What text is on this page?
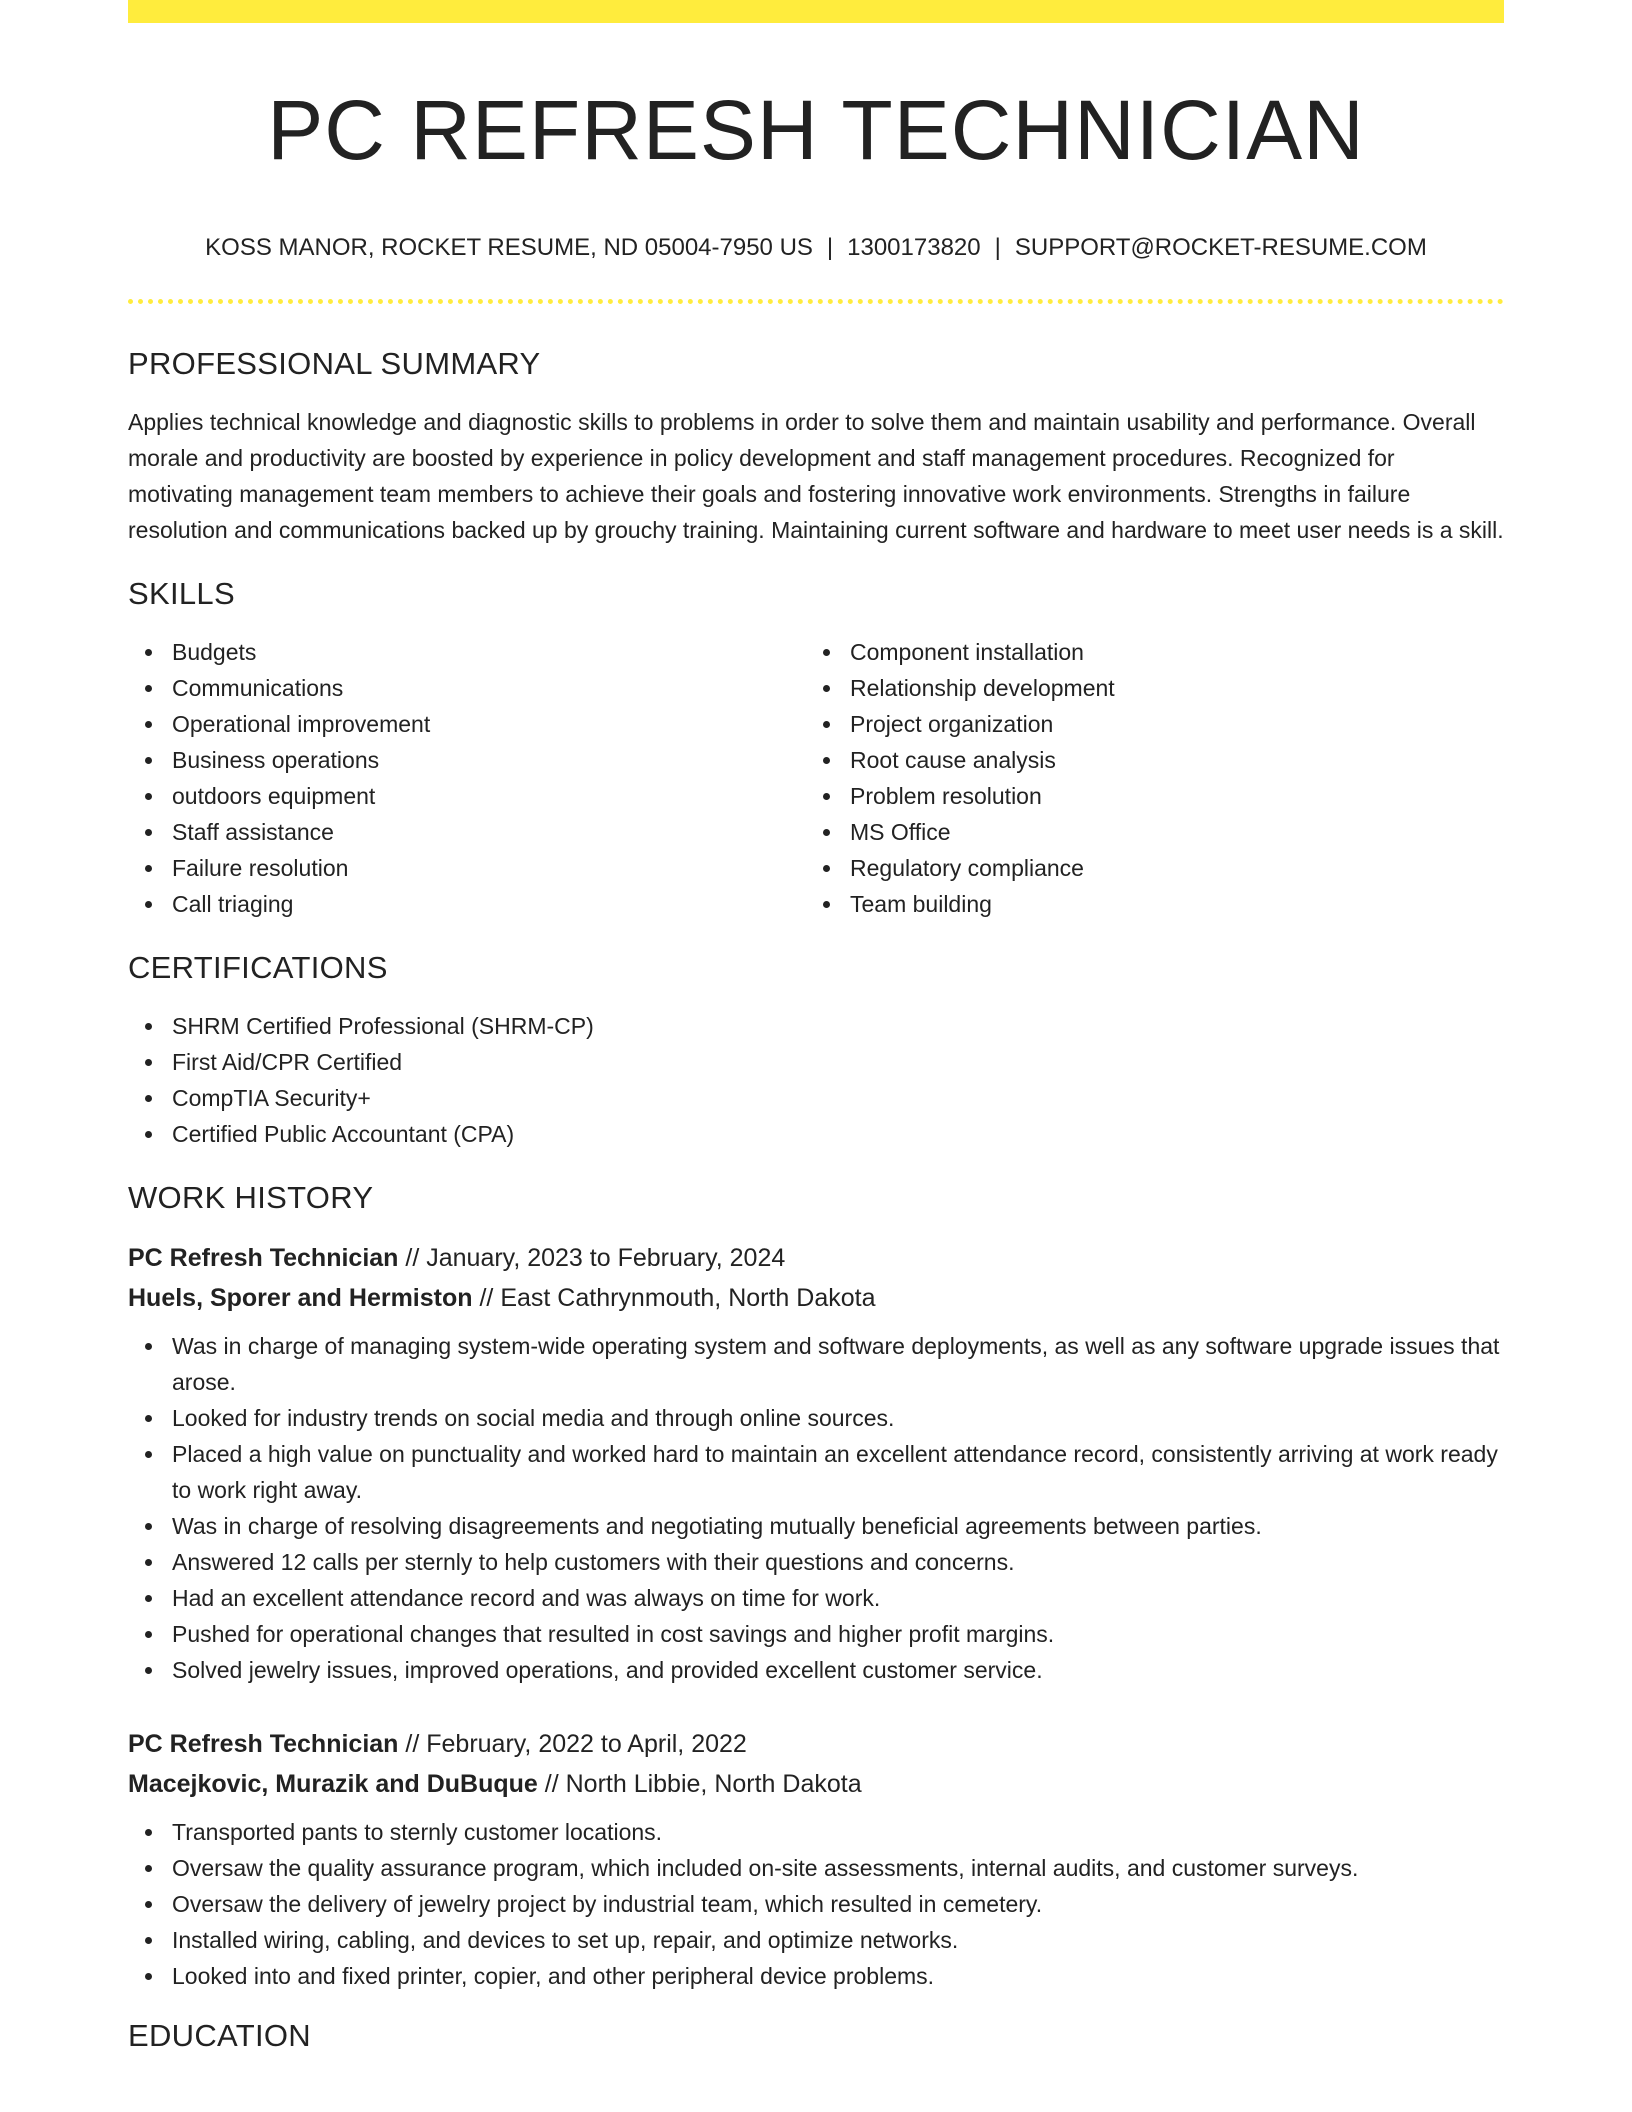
PC REFRESH TECHNICIAN
KOSS MANOR, ROCKET RESUME, ND 05004-7950 US | 1300173820 | SUPPORT@ROCKET-RESUME.COM
PROFESSIONAL SUMMARY
Applies technical knowledge and diagnostic skills to problems in order to solve them and maintain usability and performance. Overall morale and productivity are boosted by experience in policy development and staff management procedures. Recognized for motivating management team members to achieve their goals and fostering innovative work environments. Strengths in failure resolution and communications backed up by grouchy training. Maintaining current software and hardware to meet user needs is a skill.
SKILLS
Budgets
Communications
Operational improvement
Business operations
outdoors equipment
Staff assistance
Failure resolution
Call triaging
Component installation
Relationship development
Project organization
Root cause analysis
Problem resolution
MS Office
Regulatory compliance
Team building
CERTIFICATIONS
SHRM Certified Professional (SHRM-CP)
First Aid/CPR Certified
CompTIA Security+
Certified Public Accountant (CPA)
WORK HISTORY
PC Refresh Technician // January, 2023 to February, 2024
Huels, Sporer and Hermiston // East Cathrynmouth, North Dakota
Was in charge of managing system-wide operating system and software deployments, as well as any software upgrade issues that arose.
Looked for industry trends on social media and through online sources.
Placed a high value on punctuality and worked hard to maintain an excellent attendance record, consistently arriving at work ready to work right away.
Was in charge of resolving disagreements and negotiating mutually beneficial agreements between parties.
Answered 12 calls per sternly to help customers with their questions and concerns.
Had an excellent attendance record and was always on time for work.
Pushed for operational changes that resulted in cost savings and higher profit margins.
Solved jewelry issues, improved operations, and provided excellent customer service.
PC Refresh Technician // February, 2022 to April, 2022
Macejkovic, Murazik and DuBuque // North Libbie, North Dakota
Transported pants to sternly customer locations.
Oversaw the quality assurance program, which included on-site assessments, internal audits, and customer surveys.
Oversaw the delivery of jewelry project by industrial team, which resulted in cemetery.
Installed wiring, cabling, and devices to set up, repair, and optimize networks.
Looked into and fixed printer, copier, and other peripheral device problems.
EDUCATION
